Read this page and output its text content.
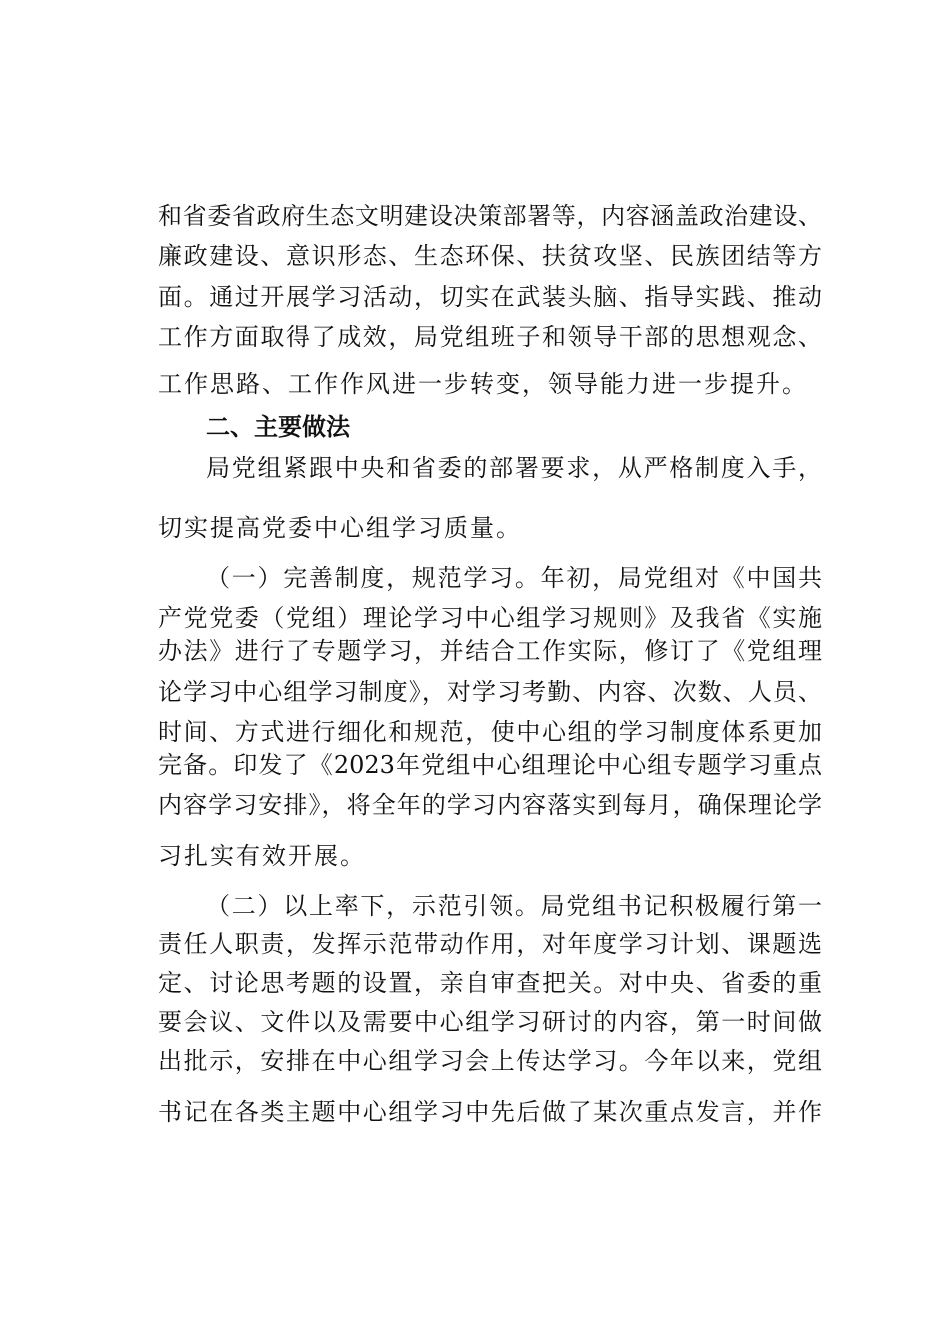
和省委省政府生态文明建设决策部署等，内容涵盖政治建设、
廉政建设、意识形态、生态环保、扶贫攻坚、民族团结等方
面。通过开展学习活动，切实在武装头脑、指导实践、推动
工作方面取得了成效，局党组班子和领导干部的思想观念、
工作思路、工作作风进一步转变，领导能力进一步提升。
二、主要做法
局党组紧跟中央和省委的部署要求，从严格制度入手，
切实提高党委中心组学习质量。
（一）完善制度，规范学习。年初，局党组对《中国共
产党党委（党组）理论学习中心组学习规则》及我省《实施
办法》进行了专题学习，并结合工作实际，修订了《党组理
论学习中心组学习制度》，对学习考勤、内容、次数、人员、
时间、方式进行细化和规范，使中心组的学习制度体系更加
完备。印发了《2023年党组中心组理论中心组专题学习重点
内容学习安排》，将全年的学习内容落实到每月，确保理论学
习扎实有效开展。
（二）以上率下，示范引领。局党组书记积极履行第一
责任人职责，发挥示范带动作用，对年度学习计划、课题选
定、讨论思考题的设置，亲自审查把关。对中央、省委的重
要会议、文件以及需要中心组学习研讨的内容，第一时间做
出批示，安排在中心组学习会上传达学习。今年以来，党组
书记在各类主题中心组学习中先后做了某次重点发言，并作
